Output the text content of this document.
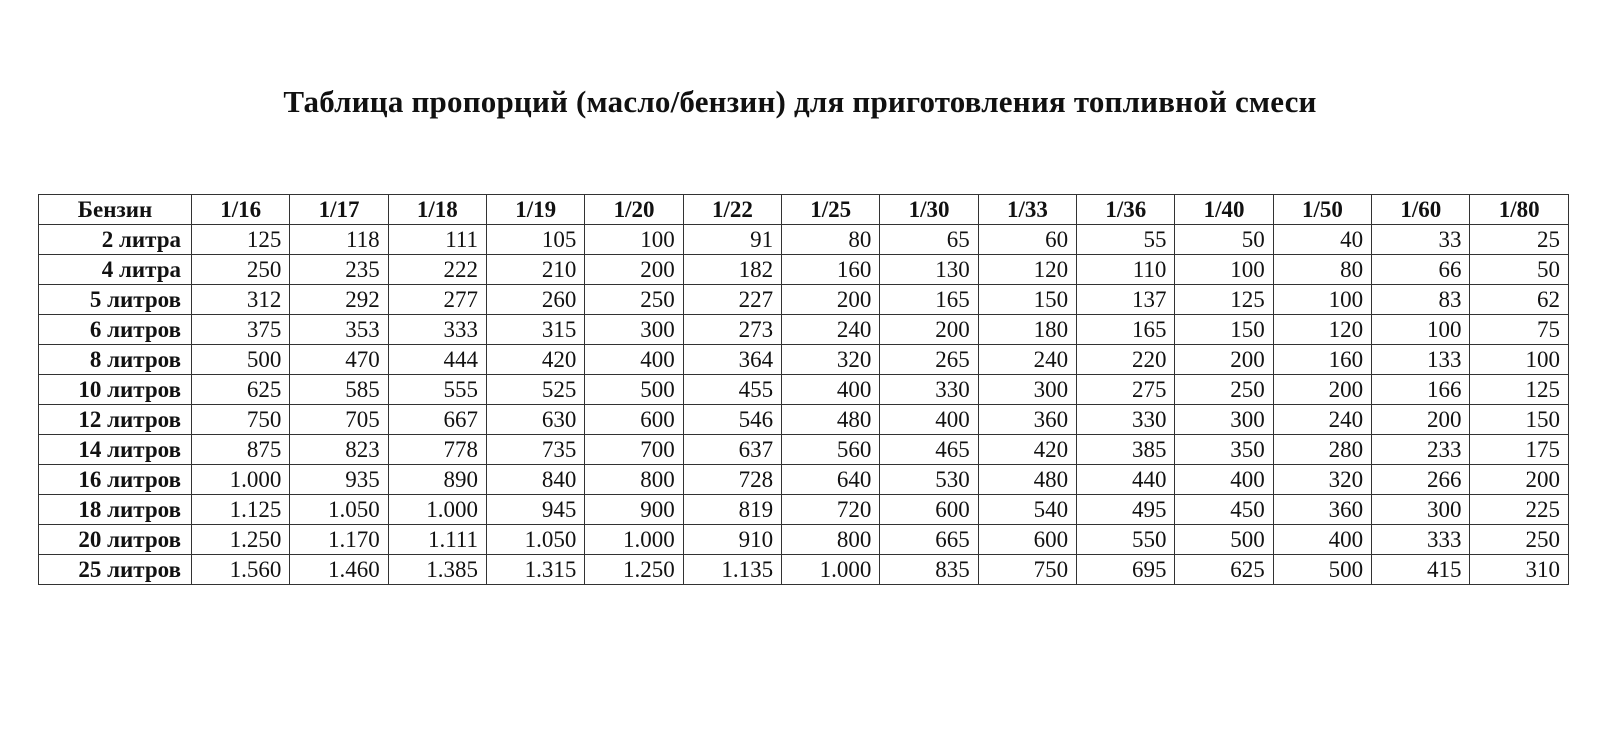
Таблица пропорций (масло/бензин) для приготовления топливной смеси
Бензин	1/16	1/17	1/18	1/19	1/20	1/22	1/25	1/30	1/33	1/36	1/40	1/50	1/60	1/80
2 литра	125	118	111	105	100	91	80	65	60	55	50	40	33	25
4 литра	250	235	222	210	200	182	160	130	120	110	100	80	66	50
5 литров	312	292	277	260	250	227	200	165	150	137	125	100	83	62
6 литров	375	353	333	315	300	273	240	200	180	165	150	120	100	75
8 литров	500	470	444	420	400	364	320	265	240	220	200	160	133	100
10 литров	625	585	555	525	500	455	400	330	300	275	250	200	166	125
12 литров	750	705	667	630	600	546	480	400	360	330	300	240	200	150
14 литров	875	823	778	735	700	637	560	465	420	385	350	280	233	175
16 литров	1.000	935	890	840	800	728	640	530	480	440	400	320	266	200
18 литров	1.125	1.050	1.000	945	900	819	720	600	540	495	450	360	300	225
20 литров	1.250	1.170	1.111	1.050	1.000	910	800	665	600	550	500	400	333	250
25 литров	1.560	1.460	1.385	1.315	1.250	1.135	1.000	835	750	695	625	500	415	310
